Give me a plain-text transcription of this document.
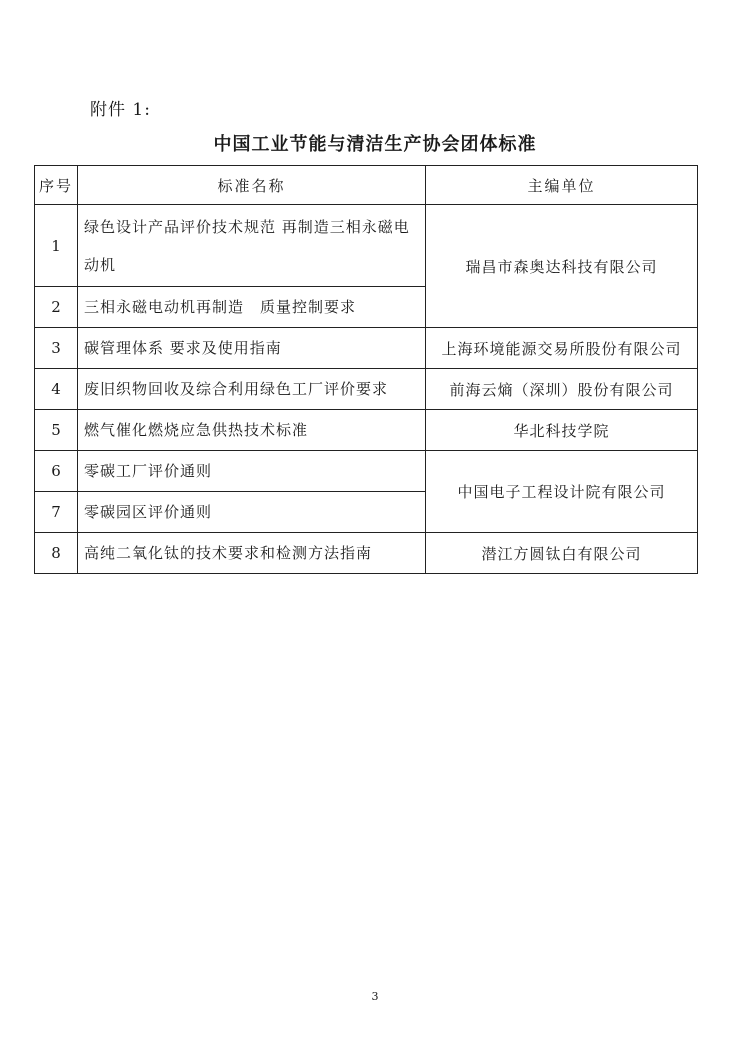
附件 1:
中国工业节能与清洁生产协会团体标准
序号	标准名称	主编单位
1	绿色设计产品评价技术规范 再制造三相永磁电动机	瑞昌市森奥达科技有限公司
2	三相永磁电动机再制造　质量控制要求	
3	碳管理体系 要求及使用指南	上海环境能源交易所股份有限公司
4	废旧织物回收及综合利用绿色工厂评价要求	前海云熵（深圳）股份有限公司
5	燃气催化燃烧应急供热技术标准	华北科技学院
6	零碳工厂评价通则	中国电子工程设计院有限公司
7	零碳园区评价通则	
8	高纯二氧化钛的技术要求和检测方法指南	潜江方圆钛白有限公司
3
